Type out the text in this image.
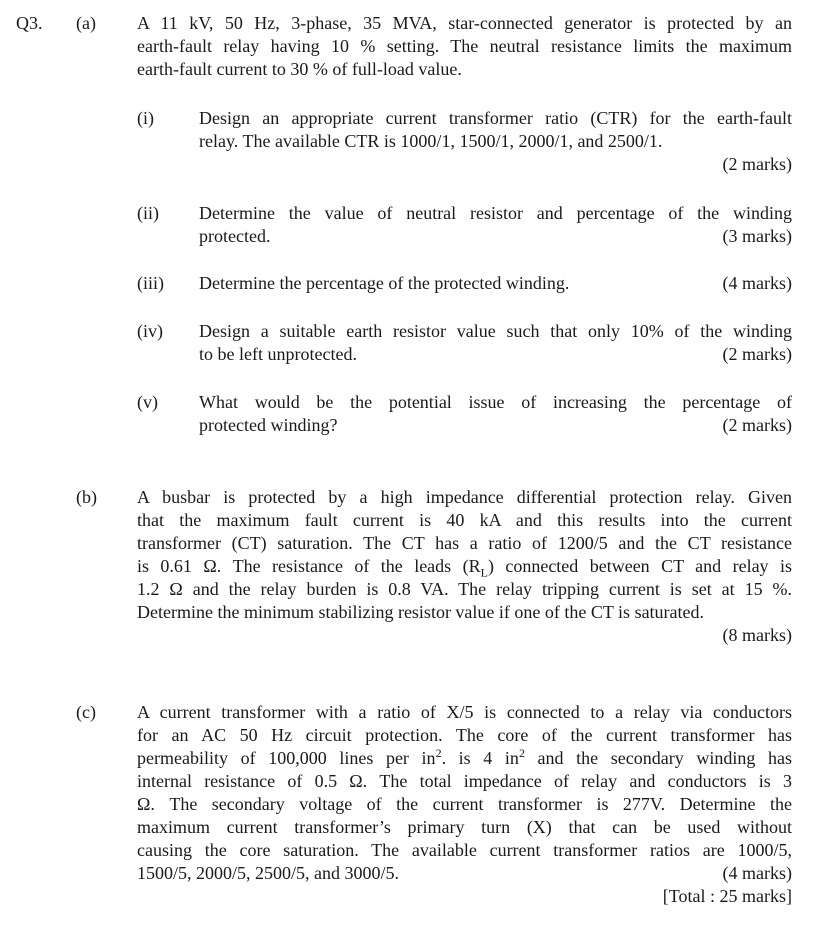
Q3. (a) A 11 kV, 50 Hz, 3-phase, 35 MVA, star-connected generator is protected by an
earth-fault relay having 10 % setting. The neutral resistance limits the maximum
earth-fault current to 30 % of full-load value.
(i)	Design an appropriate current transformer ratio (CTR) for the earth-fault
relay. The available CTR is 1000/1, 1500/1, 2000/1, and 2500/1.
(2 marks)
(ii) Determine the value of neutral resistor and percentage of the winding
protected.	(3 marks)
(iii) Determine the percentage of the protected winding.	(4 marks)
(iv) Design a suitable earth resistor value such that only 10% of the winding
to be left unprotected.	(2 marks)
(v) What would be the potential issue of increasing the percentage of
protected winding?	(2 marks)
(b) A busbar is protected by a high impedance differential protection relay. Given
that the maximum fault current is 40 kA and this results into the current
transformer (CT) saturation. The CT has a ratio of 1200/5 and the CT resistance
is 0.61 Ω. The resistance of the leads $(R_L)$ connected between CT and relay is
1.2 Ω and the relay burden is 0.8 VA. The relay tripping current is set at 15 %.
Determine the minimum stabilizing resistor value if one of the CT is saturated.
(8 marks)
(c) A current transformer with a ratio of X/5 is connected to a relay via conductors
for an AC 50 Hz circuit protection. The core of the current transformer has
permeability of 100,000 lines per $in^2$. is 4 $in^2$ and the secondary winding has
internal resistance of 0.5 Ω. The total impedance of relay and conductors is 3
Ω. The secondary voltage of the current transformer is 277V. Determine the
maximum current transformer’s primary turn (X) that can be used without
causing the core saturation. The available current transformer ratios are 1000/5,
1500/5, 2000/5, 2500/5, and 3000/5.	(4 marks)
[Total : 25 marks]
